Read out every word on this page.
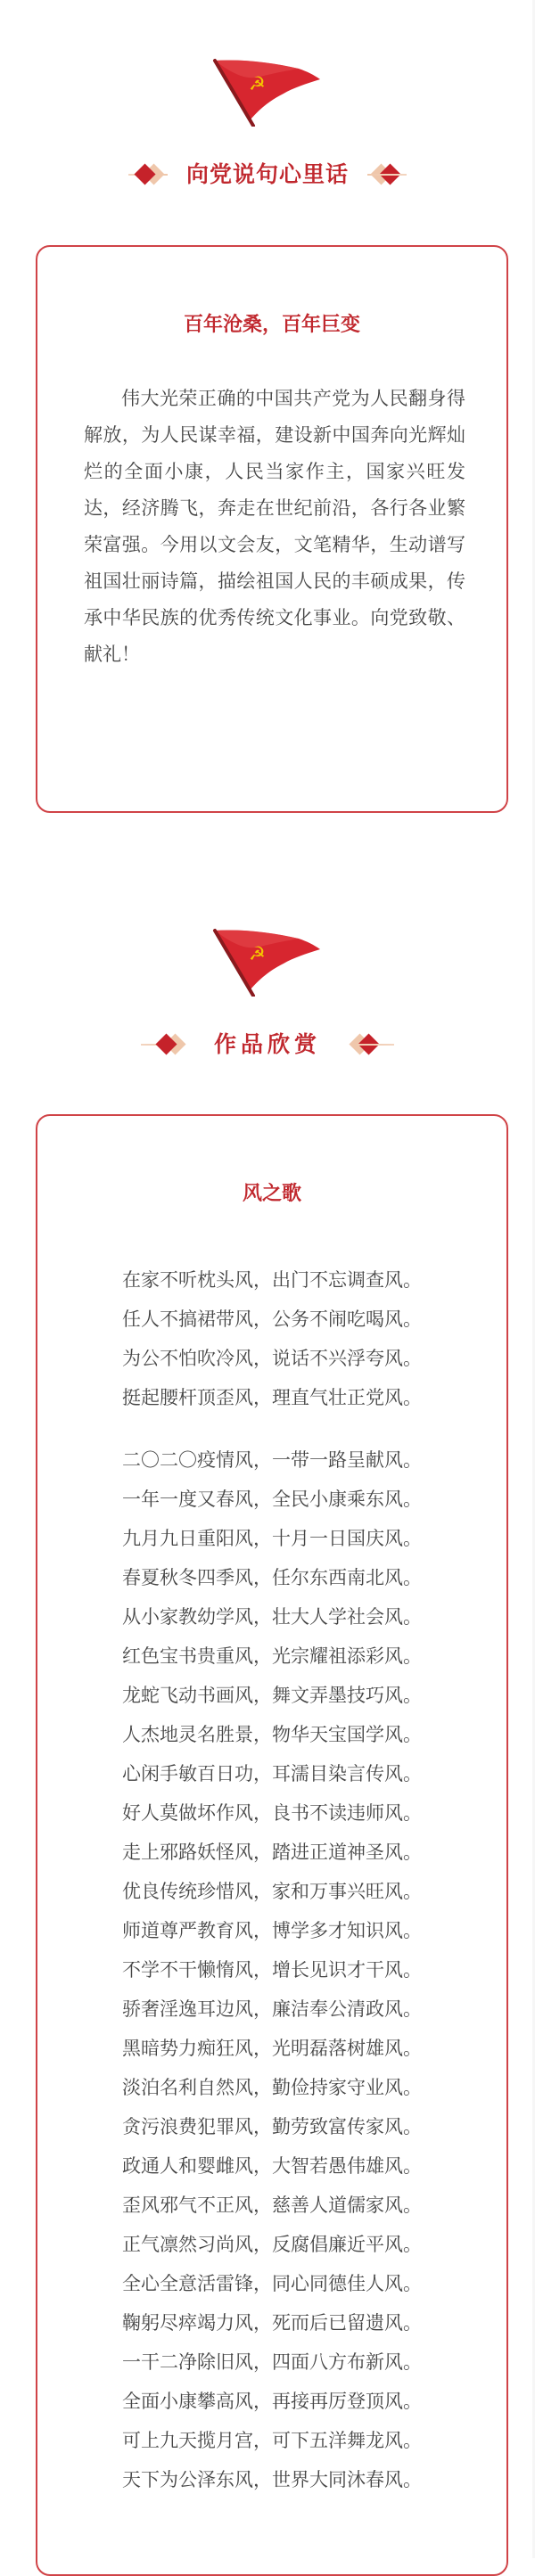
☭
向党说句心里话
百年沧桑，百年巨变

伟大光荣正确的中国共产党为人民翻身得解放，为人民谋幸福，建设新中国奔向光辉灿烂的全面小康，人民当家作主，国家兴旺发达，经济腾飞，奔走在世纪前沿，各行各业繁荣富强。今用以文会友，文笔精华，生动谱写祖国壮丽诗篇，描绘祖国人民的丰硕成果，传承中华民族的优秀传统文化事业。向党致敬、献礼！

☭
作品欣赏
风之歌
在家不听枕头风，出门不忘调查风。
任人不搞裙带风，公务不闹吃喝风。
为公不怕吹冷风，说话不兴浮夸风。
挺起腰杆顶歪风，理直气壮正党风。
二〇二〇疫情风，一带一路呈献风。
一年一度又春风，全民小康乘东风。
九月九日重阳风，十月一日国庆风。
春夏秋冬四季风，任尔东西南北风。
从小家教幼学风，壮大人学社会风。
红色宝书贵重风，光宗耀祖添彩风。
龙蛇飞动书画风，舞文弄墨技巧风。
人杰地灵名胜景，物华天宝国学风。
心闲手敏百日功，耳濡目染言传风。
好人莫做坏作风，良书不读违师风。
走上邪路妖怪风，踏进正道神圣风。
优良传统珍惜风，家和万事兴旺风。
师道尊严教育风，博学多才知识风。
不学不干懒惰风，增长见识才干风。
骄奢淫逸耳边风，廉洁奉公清政风。
黑暗势力痴狂风，光明磊落树雄风。
淡泊名利自然风，勤俭持家守业风。
贪污浪费犯罪风，勤劳致富传家风。
政通人和婴雌风，大智若愚伟雄风。
歪风邪气不正风，慈善人道儒家风。
正气凛然习尚风，反腐倡廉近平风。
全心全意活雷锋，同心同德佳人风。
鞠躬尽瘁竭力风，死而后已留遗风。
一干二净除旧风，四面八方布新风。
全面小康攀高风，再接再厉登顶风。
可上九天揽月宫，可下五洋舞龙风。
天下为公泽东风，世界大同沐春风。
